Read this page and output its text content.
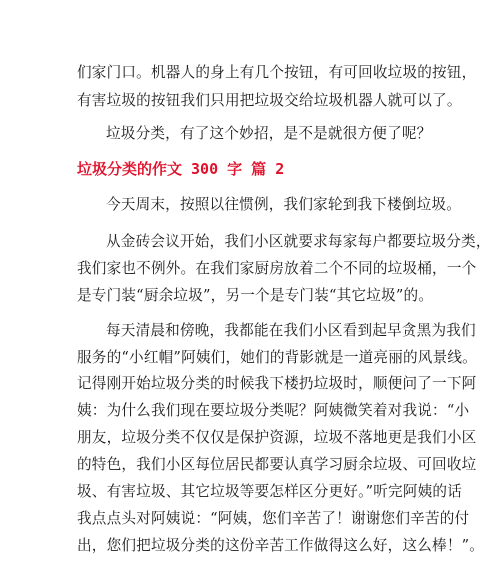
们家门口。机器人的身上有几个按钮，有可回收垃圾的按钮，
有害垃圾的按钮我们只用把垃圾交给垃圾机器人就可以了。
垃圾分类，有了这个妙招，是不是就很方便了呢？
垃圾分类的作文 300 字 篇 2
今天周末，按照以往惯例，我们家轮到我下楼倒垃圾。
从金砖会议开始，我们小区就要求每家每户都要垃圾分类，
我们家也不例外。在我们家厨房放着二个不同的垃圾桶，一个
是专门装“厨余垃圾”，另一个是专门装“其它垃圾”的。
每天清晨和傍晚，我都能在我们小区看到起早贪黑为我们
服务的“小红帽”阿姨们，她们的背影就是一道亮丽的风景线。
记得刚开始垃圾分类的时候我下楼扔垃圾时，顺便问了一下阿
姨：为什么我们现在要垃圾分类呢？阿姨微笑着对我说：“小
朋友，垃圾分类不仅仅是保护资源，垃圾不落地更是我们小区
的特色，我们小区每位居民都要认真学习厨余垃圾、可回收垃
圾、有害垃圾、其它垃圾等要怎样区分更好。”听完阿姨的话
我点点头对阿姨说：“阿姨，您们辛苦了！谢谢您们辛苦的付
出，您们把垃圾分类的这份辛苦工作做得这么好，这么棒！”。
